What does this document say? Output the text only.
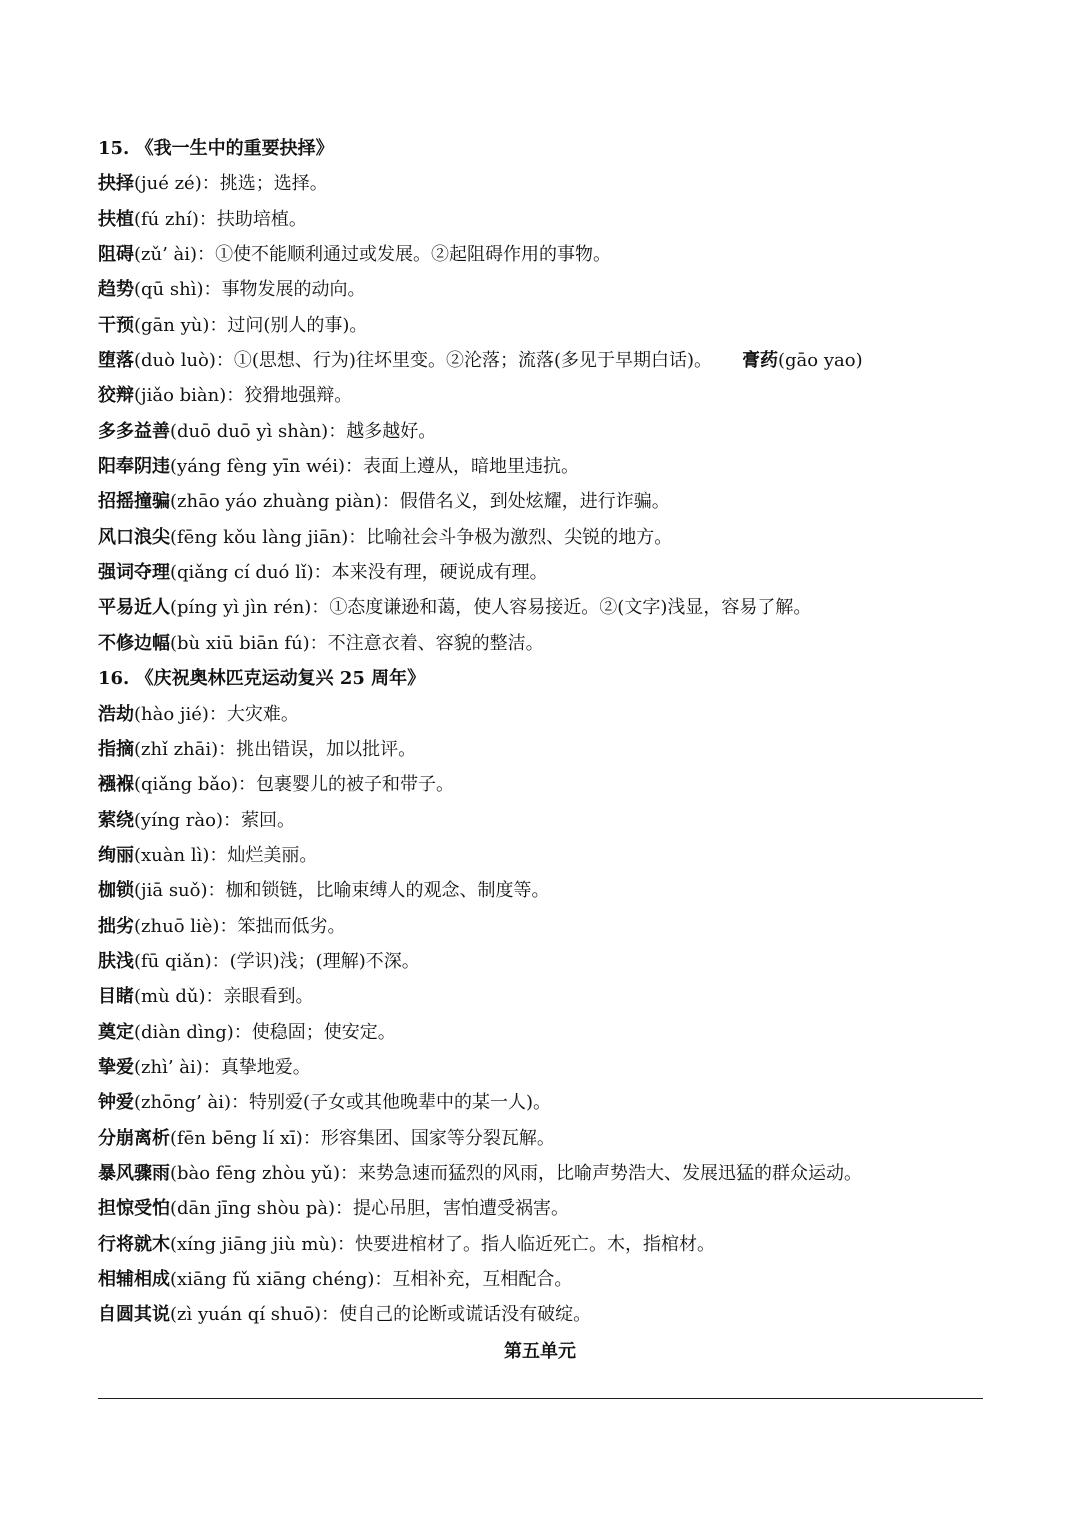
15. 《我一生中的重要抉择》
抉择(jué zé)：挑选；选择。
扶植(fú zhí)：扶助培植。
阻碍(zǔ’ ài)：①使不能顺利通过或发展。②起阻碍作用的事物。
趋势(qū shì)：事物发展的动向。
干预(gān yù)：过问(别人的事)。
堕落(duò luò)：①(思想、行为)往坏里变。②沦落；流落(多见于早期白话)。 膏药(gāo yao)
狡辩(jiǎo biàn)：狡猾地强辩。
多多益善(duō duō yì shàn)：越多越好。
阳奉阴违(yáng fèng yīn wéi)：表面上遵从，暗地里违抗。
招摇撞骗(zhāo yáo zhuàng piàn)：假借名义，到处炫耀，进行诈骗。
风口浪尖(fēng kǒu làng jiān)：比喻社会斗争极为激烈、尖锐的地方。
强词夺理(qiǎng cí duó lǐ)：本来没有理，硬说成有理。
平易近人(píng yì jìn rén)：①态度谦逊和蔼，使人容易接近。②(文字)浅显，容易了解。
不修边幅(bù xiū biān fú)：不注意衣着、容貌的整洁。
16. 《庆祝奥林匹克运动复兴 25 周年》
浩劫(hào jié)：大灾难。
指摘(zhǐ zhāi)：挑出错误，加以批评。
襁褓(qiǎng bǎo)：包裹婴儿的被子和带子。
萦绕(yíng rào)：萦回。
绚丽(xuàn lì)：灿烂美丽。
枷锁(jiā suǒ)：枷和锁链，比喻束缚人的观念、制度等。
拙劣(zhuō liè)：笨拙而低劣。
肤浅(fū qiǎn)：(学识)浅；(理解)不深。
目睹(mù dǔ)：亲眼看到。
奠定(diàn dìng)：使稳固；使安定。
挚爱(zhì’ ài)：真挚地爱。
钟爱(zhōng’ ài)：特别爱(子女或其他晚辈中的某一人)。
分崩离析(fēn bēng lí xī)：形容集团、国家等分裂瓦解。
暴风骤雨(bào fēng zhòu yǔ)：来势急速而猛烈的风雨，比喻声势浩大、发展迅猛的群众运动。
担惊受怕(dān jīng shòu pà)：提心吊胆，害怕遭受祸害。
行将就木(xíng jiāng jiù mù)：快要进棺材了。指人临近死亡。木，指棺材。
相辅相成(xiāng fǔ xiāng chéng)：互相补充，互相配合。
自圆其说(zì yuán qí shuō)：使自己的论断或谎话没有破绽。
第五单元
